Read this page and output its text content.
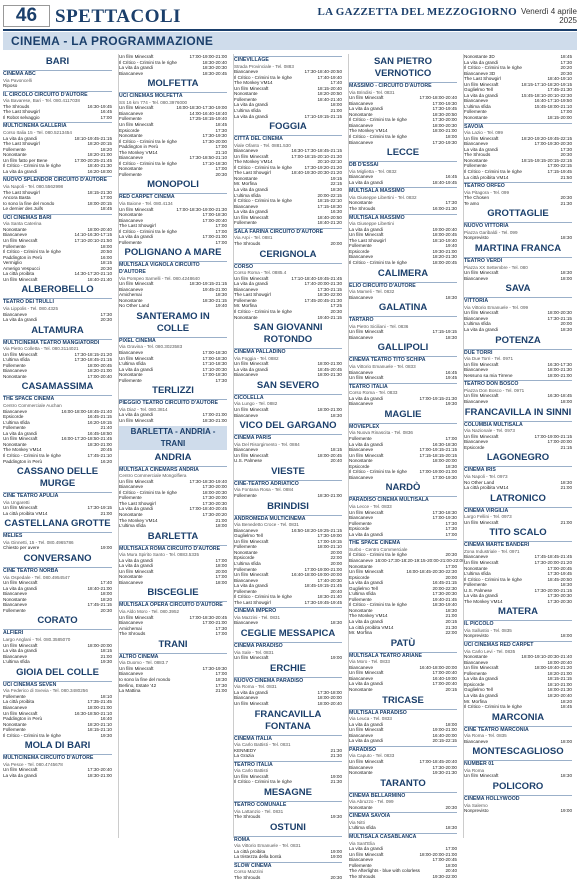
46 SPETTACOLI	LA GAZZETTA DEL MEZZOGIORNO Venerdì 4 aprile 2025
CINEMA - LA PROGRAMMAZIONE
BARI
CINEMA ABC
Via Pavoncelli
Riposo
IL CIRCOLO CIRCUITO D'AUTORE
Via Bavarese, Bari - Tel. 080.4117038
The Shrouds	16:30-19:45
The Last Showgirl	16:45
Il Robot selvaggio	17:00
MULTICINEMA GALLERIA
Corso Italia 15 - Tel. 080.5213454
La vita da grandi	18:10-19:45-21:15
The Last Showgirl	18:20-20:15
Follemente	18:20
Nonostante	18:20-21:00
Un film fatto per Bene	17:00-20:25-21:45
Il Critico - Crimini tra le righe	18:40-21:30
La vita da grandi	16:20-18:00
NUOVO SPLENDOR CIRCUITO D'AUTORE
Via Napoli - Tel. 080.5562998
The Last Showgirl	18:15-21:30
Ancora Basta	17:00
Io sono la fine del mondo	18:00-20:15
Le dernier des Juifs	18:45
UCI CINEMAS BARI
Via Santa Caterina
Nonostante	18:00-20:40
Biancaneve	14:10-16:30-17:15
Un film Minecraft	17:10-20:10-21:50
Follemente	18:00
Il Critico - Crimini tra le righe	20:50
Paddington in Perù	16:00
Vermiglio	18:15
Amerigo Vespucci	20:30
La città proibita	14:30-17:20-21:10
Un film Minecraft	18:40-21:40
ALBEROBELLO
TEATRO DEI TRULLI
Via Lippolis - Tel. 080.4325
Biancaneve	17:30
La vita da grandi	20:30
ALTAMURA
MULTICINEMA TEATRO MANGIATORDI
Via Pietro Colletta - Tel. 080.3114021
Un film Minecraft	17:30-18:15-21:20
L'ultima sfida	17:30-18:45-21:15
Follemente	18:00-20:45
Biancaneve	18:20-21:00
Nonostante	17:00-20:40
CASAMASSIMA
THE SPACE CINEMA
Centro Commerciale Auchan
Biancaneve	16:00-18:00-18:45-21:40
Epsicorde	16:45-21:15
L'ultima sfida	16:20-19:15
Follemente	21:40
La vita da grandi	16:45-18:50
Un film Minecraft	16:00-17:20-18:50-21:45
Nonostante	18:30-21:00
The Monkey VM14	20:45
Il Critico - Crimini tra le righe	17:45-21:10
Paddington in Perù	16:20
CASSANO DELLE MURGE
CINE TEATRO APULIA
Via Ungaretti
Un film Minecraft	17:30-19:15
La città proibita VM14	21:00
CASTELLANA GROTTE
MELIES
Via Ginnetti, 15 - Tel. 080.4965786
Chiesto per avere	19:00
CONVERSANO
CINE TEATRO NORBA
Via Ospedale - Tel. 080.4954547
Un film Minecraft	17:40
La vita da grandi	18:40-21:00
Biancaneve	18:00
Nonostante	18:20
Biancaneve	17:45-21:15
Follemente	20:30
CORATO
ALFIERI
Largo Anglani - Tel. 080.3585070
Un film Minecraft	18:00-20:00
La vita da grandi	18:15
Biancaneve	21:00
L'ultima sfida	19:30
GIOIA DEL COLLE
UCI CINEMAS SEVEN
Via Federico di Svevia - Tel. 080.3480256
Follemente	18:10
La città proibita	17:35-21:45
Biancaneve	18:00-21:00
Un film Minecraft	16:30-18:50-21:10
Paddington in Perù	16:40
Nonostante	18:20-21:10
Follemente	18:15-21:10
Il Critico - Crimini tra le righe	19:30
MOLA DI BARI
MULTICINEMA CIRCUITO D'AUTORE
Via Pesce - Tel. 080.4745678
Un film Minecraft	17:30-20:40
La vita da grandi	18:30-21:00
Un film Minecraft	17:00-19:00-21:00
Il Critico - Crimini tra le righe	18:30-20:40
La vita da grandi	18:30-20:30
Biancaneve	18:30-20:45
MOLFETTA
UCI CINEMAS MOLFETTA
SS 16 km 774 - Tel. 080.3976000
Un film Minecraft	16:00-18:30-17:30-19:00
Biancaneve	14:00-16:40-18:40
Follemente	17:25-18:15-19:40
Un film Minecraft	18:45
Epsicorde	17:30
Nonostante	17:30-19:30
Il Critico - Crimini tra le righe	17:30-20:00
Paddington in Perù	17:00
The Monkey VM14	21:10
Biancaneve	17:30-18:50-21:10
Il Critico - Crimini tra le righe	17:10-18:30
Nonostante	17:00
Follemente	20:30
MONOPOLI
RED CARPET CINEMA
Via Baione - Tel. 080.4134
Un film Minecraft	17:00-18:30-19:00-21:30
Nonostante	17:00-18:30
Biancaneve	17:00-20:40
The Last Showgirl	17:00
Il Critico - Crimini tra le righe	17:00
La vita da grandi	17:00-21:00
Follemente	17:00
POLIGNANO A MARE
MULTISALA VIGNOLA CIRCUITO D'AUTORE
Via Pompeo Sarnelli - Tel. 080.4248640
Un film Minecraft	18:30-19:15-21:15
Biancaneve	19:45-21:00
Amichemai	18:30
Nonostante	18:30-21:15
No Other Land	19:40
SANTERAMO IN COLLE
PIXEL CINEMA
Via Gravina - Tel. 080.3023583
Biancaneve	17:00-18:30
Un film Minecraft	17:00-18:30
L'ultima sfida	17:10-18:30
La vita da grandi	17:10-20:30
Nonostante	17:00-18:30
Follemente	17:30
TERLIZZI
PIEGGIO TEATRO CIRCUITO D'AUTORE
Via Diaz - Tel. 080.3814
La vita da grandi	17:00-21:00
Un film Minecraft	18:30-21:00
BARLETTA - ANDRIA - TRANI
ANDRIA
MULTISALA CINEMARS ANDRIA
Centro Commerciale Mongolfiera
Un film Minecraft	17:30-18:30-19:40
Biancaneve	17:30-20:00
Il Critico - Crimini tra le righe	18:00-20:30
Follemente	17:30-20:00
The Last Showgirl	17:30-20:30
La vita da grandi	17:00-18:40-20:45
Nonostante	17:30-20:20
The Monkey VM14	21:00
L'ultima sfida	18:00
BARLETTA
MULTISALA ROMA CIRCUITO D'AUTORE
Via Mura Spirito Santo - Tel. 0883.5335
La vita da grandi	17:00
La vita da grandi	18:00
Un film Minecraft	20:00
Nonostante	17:00
Biancaneve	18:00
BISCEGLIE
MULTISALA OPERA CIRCUITO D'AUTORE
Via Aldo Moro - Tel. 080.3952
Un film Minecraft	17:00-18:30-20:45
Biancaneve	17:00-21:00
Amichemai	17:30
The Shrouds	17:00
TRANI
ALTRO CINEMA
Via Duomo - Tel. 0883.7
Un film Minecraft	17:30-19:30
Biancaneve	17:00
Io sono la fine del mondo	18:30
Berlino, Estate '42	17:30
La Mattina	21:00
CINEVILLAGE
Strada Provinciale - Tel. 0883
Biancaneve	17:30-18:40-20:50
Il Critico - Crimini tra le righe	17:40-19:40
The Monkey VM14	17:40
Un film Minecraft	18:15-20:40
Nonostante	18:20-20:50
Follemente	18:40-21:40
La vita da grandi	18:00
L'ultima sfida	21:00
La vita da grandi	17:10-19:15-21:15
FOGGIA
CITTÀ DEL CINEMA
Viale Ofanto - Tel. 0881.530
Biancaneve	16:30-17:30-18:45-21:15
Un film Minecraft	17:00-18:15-20:10-21:30
The Monkey VM14	20:10-22:10
Il Critico - Crimini tra le righe	17:30-19:20-21:20
The Last Showgirl	18:40-19:30-20:30-21:20
Nonostante	19:15
Mr. Morfina	22:15
La vita da grandi	18:30
L'ultima sfida	20:00-22:15
Il Critico - Crimini tra le righe	18:15-22:10
Biancaneve	17:15-18:30
La vita da grandi	16:30
Un film Minecraft	18:40-20:50
Follemente	18:40-21:20
SALA FARINA CIRCUITO D'AUTORE
Via Arpi - Tel. 0881
The Shrouds	20:00
CERIGNOLA
CORSO
Corso Roma - Tel. 0885.4
Un film Minecraft	17:10-18:40-19:45-21:45
La vita da grandi	17:40-20:00-21:30
Biancaneve	17:30-21:15
The Last Showgirl	18:30-22:00
Follemente	17:45-20:45-21:30
Mr. Morfina	17:25
Il Critico - Crimini tra le righe	20:30
Nonostante	19:40-21:15
SAN GIOVANNI ROTONDO
CINEMA PALLADINO
Via Foggia - Tel. 0882
Un film Minecraft	18:00-21:00
La vita da grandi	18:45-20:45
Biancaneve	18:00-21:30
SAN SEVERO
CICOLELLA
Via Lungo - Tel. 0882
Un film Minecraft	18:00-21:00
Biancaneve	18:30
VICO DEL GARGANO
CINEMA PARIS
Via Del Risorgimento - Tel. 0884
Biancaneve	18:15
Un film Minecraft	18:00-20:45
U.S. Palmese	20:40
VIESTE
CINE-TEATRO ADRIATICO
Via Fontana Rosa - Tel. 0884
Follemente	18:30-21:00
BRINDISI
ANDROMEDA MULTICINEMA
Via Benedetto Croce - Tel. 0831
Biancaneve	16:50-18:20-19:25-21:15
Guglielmo Tell	17:30-19:00
Un film Minecraft	17:00-19:15
Follemente	18:00-21:10
Nonostante	20:00
Epsicorde	22:00
L'ultima sfida	20:00
Follemente	17:00-19:00-21:00
Un film Minecraft	16:40-18:00-19:00-20:00
Biancaneve	17:40-20:30
La vita da grandi	18:45-19:15-21:45
Follemente	20:40
Il Critico - Crimini tra le righe	18:30-21:40
The Last Showgirl	17:30-19:45-19:45
CINEMA IMPERO
Via Mazzini - Tel. 0831
Biancaneve	18:30
CEGLIE MESSAPICA
CINEMA PARADISO
Via Sale - Tel. 0831
Un film Minecraft	19:00
ERCHIE
NUOVO CINEMA PARADISO
Via Roma - Tel. 0831
La vita da grandi	17:30-18:00
Biancaneve	18:00-20:00
Un film Minecraft	18:00-20:40
FRANCAVILLA FONTANA
CINEMA ITALIA
Via Carlo Battisti - Tel. 0831
KENNEDY	21:30
La Grazia	21:30
TEATRO ITALIA
Via Carlo Battisti
Un film Minecraft	19:00
Il Critico - Crimini tra le righe	21:30
MESAGNE
TEATRO COMUNALE
Via Lattanzio - Tel. 0831
The Shrouds	19:30
OSTUNI
ROMA
Via Vittorio Emanuele - Tel. 0831
La città proibita	19:00
La tristezza della bontà	19:00
SLOW CINEMA
Corso Mazzini
The Shrouds	20:30
SAN PIETRO VERNOTICO
MASSIMO - CIRCUITO D'AUTORE
Via Brindisi - Tel. 0831
Un film Minecraft	17:00-18:00-20:40
Biancaneve	17:00-19:30
La vita da grandi	17:30-19:45
Nonostante	18:30-20:50
Il Critico - Crimini tra le righe	17:30-20:00
Biancaneve	18:00-20:30
The Monkey VM14	18:00-21:00
Il Critico - Crimini tra le righe	18:00
Biancaneve	17:20-19:30
LECCE
DB D'ESSAI
Via Miglietta - Tel. 0832
Biancaneve	16:45
La vita da grandi	18:40-19:45
MULTISALA MASSIMO
Via Giuseppe Libertini - Tel. 0832
Nonostante	17:30
The Shrouds	16:00-21:30
MULTISALA MASSIMO
Via Giuseppe Libertini
La vita da grandi	19:00-20:40
Un film Minecraft	18:00-20:45
The Last Showgirl	18:10-19:40
Follemente	19:40
Epsicorde	19:30-21:00
Biancaneve	18:20-21:30
Il Critico - Crimini tra le righe	18:00-20:45
CALIMERA
ELIO CIRCUITO D'AUTORE
Via Mameli - Tel. 0832
Biancaneve	18:30
GALATINA
TARTARO
Via Pietro Siciliani - Tel. 0836
Un film Minecraft	17:15-19:15
Biancaneve	18:30
GALLIPOLI
CINEMA TEATRO TITO SCHIPA
Via Vittorio Emanuele - Tel. 0833
Biancaneve	16:45
Un film Minecraft	19:45
TEATRO ITALIA
Corso Roma - Tel. 0833
La vita da grandi	17:00-19:15-21:30
Biancaneve	19:30
MAGLIE
MOVIEPLEX
Via Nuova Rinascita - Tel. 0836
Follemente	17:00
La vita da grandi	16:30-18:30
Biancaneve	17:00-19:15-21:15
Un film Minecraft	17:15-18:15-20:15
Nonostante	18:00-20:00
Epsicorde	18:30
Il Critico - Crimini tra le righe	17:00-19:00-21:00
Biancaneve	17:00-19:30
NARDÒ
PARADISO CINEMA MULTISALA
Via Lecce - Tel. 0833
Un film Minecraft	17:30-18:30
Biancaneve	17:00-19:30
Follemente	17:30
Epsicorde	17:30
La vita da grandi	17:00
THE SPACE CINEMA
Surbo - Centro Commerciale
Il Critico - Crimini tra le righe	20:30
Biancaneve 16:00-17:30-18:20-19:15-20:00-21:00-22:00
Nonostante	17:00
Un film Minecraft	16:00-18:45-20:30-22:30
Epsicorde	20:00
La vita da grandi	16:45-21:15
Guglielmo Tell	20:00-22:30
L'ultima sfida	17:30-20:30
Follemente	19:40-21:45
Il Critico - Crimini tra le righe	18:30-19:40
Nonostante	18:30
The Monkey VM14	21:00
La vita da grandi	20:15
La città proibita VM14	21:30
Mr. Morfina	22:00
PATÙ
MULTISALA TEATRO ARIANE
Via Moro - Tel. 0833
Biancaneve	16:40-18:00-20:00
Un film Minecraft	17:00-20:40
Biancaneve	16:40-19:00
La vita da grandi	17:00-20:40
Nonostante	20:15
TRICASE
MULTISALA PARADISO
Via Leuca - Tel. 0833
La vita da grandi	18:00
Un film Minecraft	19:00-21:00
Biancaneve	16:40-20:00
La vita da grandi	20:15-22:15
PARADISO
Via Caputo - Tel. 0833
Un film Minecraft	17:00-18:45-20:40
Biancaneve	17:30-20:00
Nonostante	19:30-21:30
TARANTO
CINEMA BELLARMINO
Via Abruzzo - Tel. 099
Nonostante	20:30
CINEMA SAVOIA
Via Nitti
L'ultima sfida	18:30
MULTISALA CASABLANCA
Via Sant'Elia
La vita da grandi	17:00
Un film Minecraft	18:00-20:00-21:00
Biancaneve	17:00-20:45
Follemente	18:00
The Afterlights - blue with colorless	20:40
The Shrouds	19:30-22:00
Nonostante 3D	18:45
La vita da grandi	17:30
Il Critico - Crimini tra le righe	20:20
Biancaneve 3D	20:30
The Last Showgirl	18:40-19:10
Un film Minecraft	18:15-17:10-18:20-19:15
Guglielmo Tell	17:45-21:30
La vita da grandi	15:45-18:10-20:10-22:30
Biancaneve	16:40-17:10-19:50
L'ultima sfida	15:45-18:00-21:10
Follemente	17:00
Nonostante	18:15-20:00
SAVOIA
Via Lazio - Tel. 099
Un film Minecraft	18:20-19:20-19:45-22:15
Biancaneve	17:00-19:30-20:30
La vita da grandi	17:30
The Shrouds	20:30
Nonostante	18:15-19:15-20:15-22:15
Follemente	17:00-22:15
Il Critico - Crimini tra le righe	17:15-19:45
La città proibita VM14	21:50
TEATRO ORFEO
Via Pitagora - Tel. 099
The Chosen	20:30
Te amo	21:30
GROTTAGLIE
NUOVO VITTORIA
Piazza Garibaldi - Tel. 099
Nonprevisto	18:30
MARTINA FRANCA
TEATRO VERDI
Piazza XX Settembre - Tel. 080
Un film Minecraft	18:30
Biancaneve	18:00
SAVA
VITTORIA
Via Vittorio Emanuele - Tel. 099
Un film Minecraft	18:00-20:30
Biancaneve	17:30-21:15
L'ultima sfida	20:00
La vita da grandi	18:30
POTENZA
DUE TORRI
Via Due Torri - Tel. 0971
Un film Minecraft	16:30-17:30
Biancaneve	18:00-21:30
Nessuno sa mia Tirrene	18:00-21:00
TEATRO DON BOSCO
Piazza Don Bosco - Tel. 0971
Un film Minecraft	16:30-18:45
Biancaneve	18:00
FRANCAVILLA IN SINNI
COLUMBIA MULTISALA
Via Nazionale - Tel. 0973
Un film Minecraft	17:00-19:00-21:15
Biancaneve	17:00-20:00
Epsicorde	21:15
LAGONEGRO
CINEMA IRIS
Via Napoli - Tel. 0973
No Other Land	18:30
La città proibita VM14	21:00
LATRONICO
CINEMA VIRGILIA
Largo Fellini - Tel. 0973
Un film Minecraft	21:00
TITO SCALO
CINEMA MARTE BANDERI
Zona Industriale - Tel. 0971
Biancaneve	17:45-18:45-21:45
Un film Minecraft	17:30-20:00-21:20
Nonostante	17:00-20:45
L'ultima sfida	17:30-19:45
Il Critico - Crimini tra le righe	18:45-20:50
Follemente	18:30
U.S. Palmese	17:30-20:00-21:15
La vita da grandi	17:30-20:30
The Monkey VM14	17:30-20:30
MATERA
IL PICCOLO
Via Sallustio - Tel. 0835
Nonprevisto	18:00
UCI CINEMAS RED CARPET
Via Carlo Levi - Tel. 0835
Nonostante	18:00-19:10-20:30-21:40
Biancaneve	18:00-20:40
Un film Minecraft	18:00-19:40-21:20
Follemente	18:20-21:00
La vita da grandi	18:15-21:15
Epsicorde	18:10-21:00
Guglielmo Tell	18:00-21:30
La vita da grandi	18:20-20:40
Mr. Morfina	18:20
Il Critico - Crimini tra le righe	18:45
MARCONIA
CINE TEATRO MARCONIA
Via Roma - Tel. 0835
Biancaneve	18:00
MONTESCAGLIOSO
NUMBER 01
Via Roma
Un film Minecraft	18:30
POLICORO
CINEMA HOLLYWOOD
Via Salerno
Nonprevisto	19:00
